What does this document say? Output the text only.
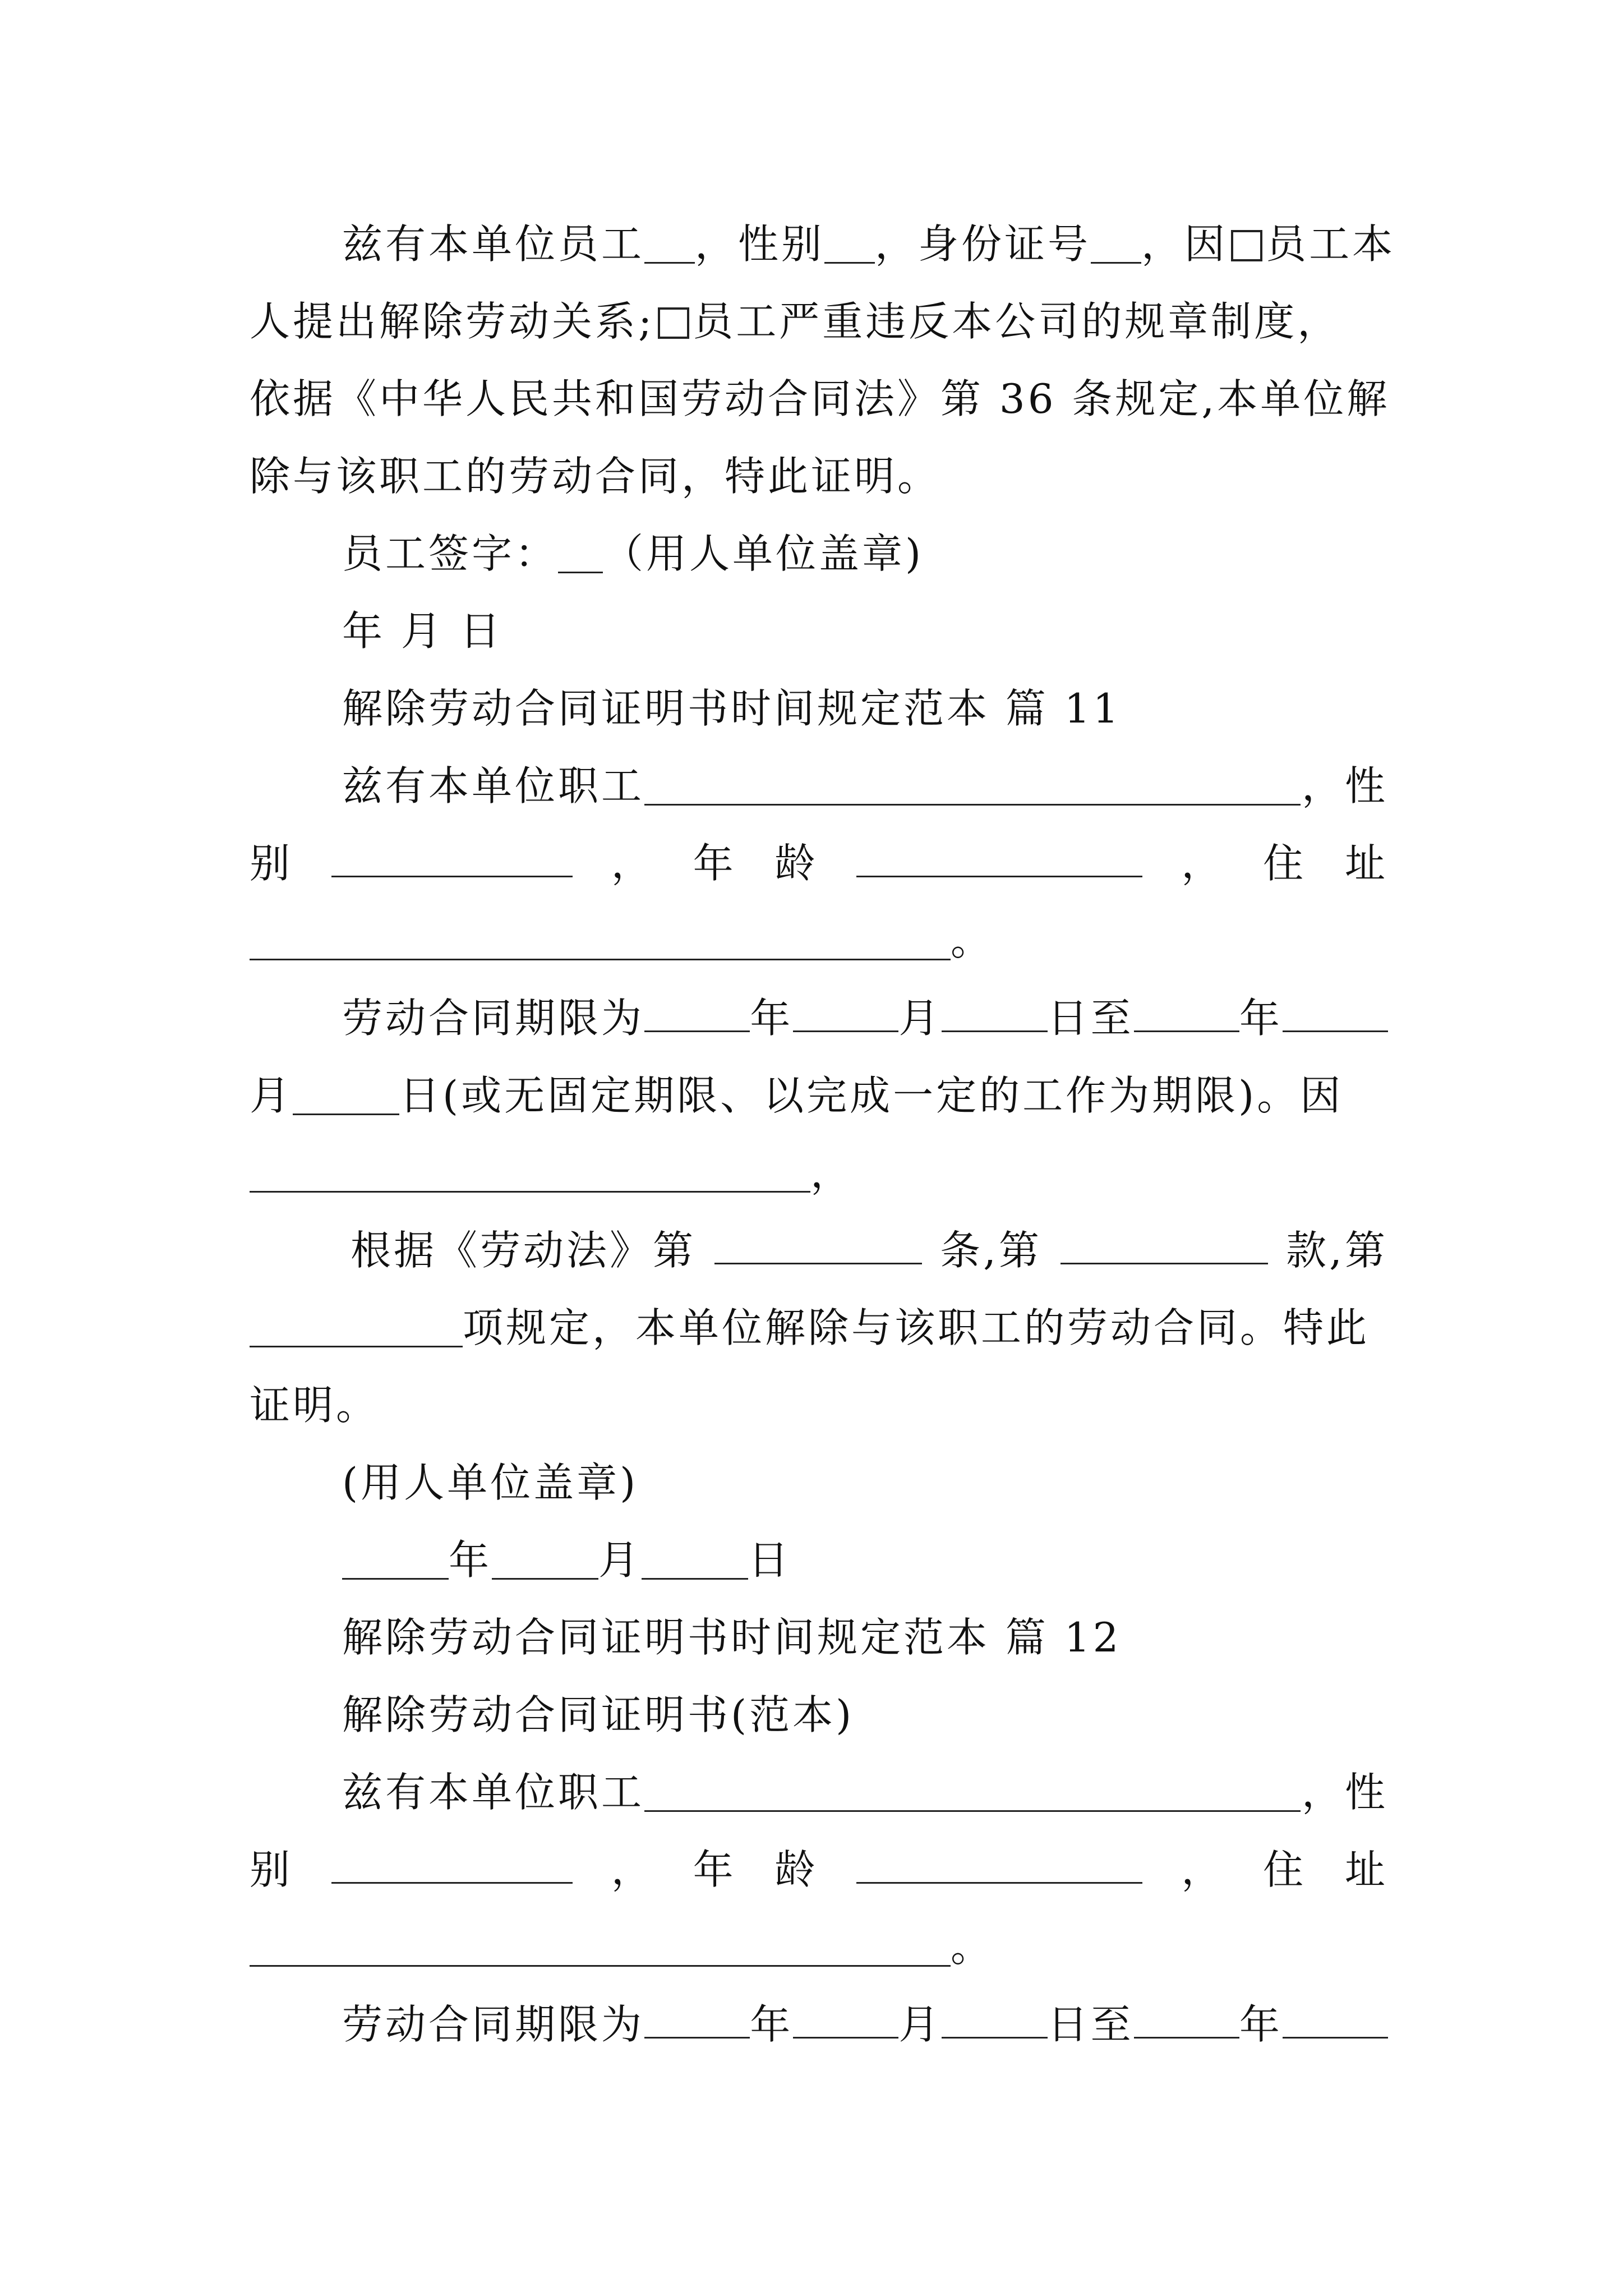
兹有本单位员工 ，性别 ，身份证号 ，因 员工本
人提出解除劳动关系; 员工严重违反本公司的规章制度，
依据《中华人民共和国劳动合同法》第 36 条规定,本单位解
除与该职工的劳动合同，特此证明。
员工签字： （用人单位盖章)
年 月 日
解除劳动合同证明书时间规定范本 篇 11
兹有本单位职工	，性
别	， 年 龄	， 住 址
。
劳动合同期限为	年	月	日至	年
月	日(或无固定期限、以完成一定的工作为期限)。因
，
根据《劳动法》第	条,第	款,第
项规定，本单位解除与该职工的劳动合同。特此
证明。
(用人单位盖章)
年	月	日
解除劳动合同证明书时间规定范本 篇 12
解除劳动合同证明书(范本)
兹有本单位职工	，性
别	， 年 龄	， 住 址
。
劳动合同期限为	年	月	日至	年
